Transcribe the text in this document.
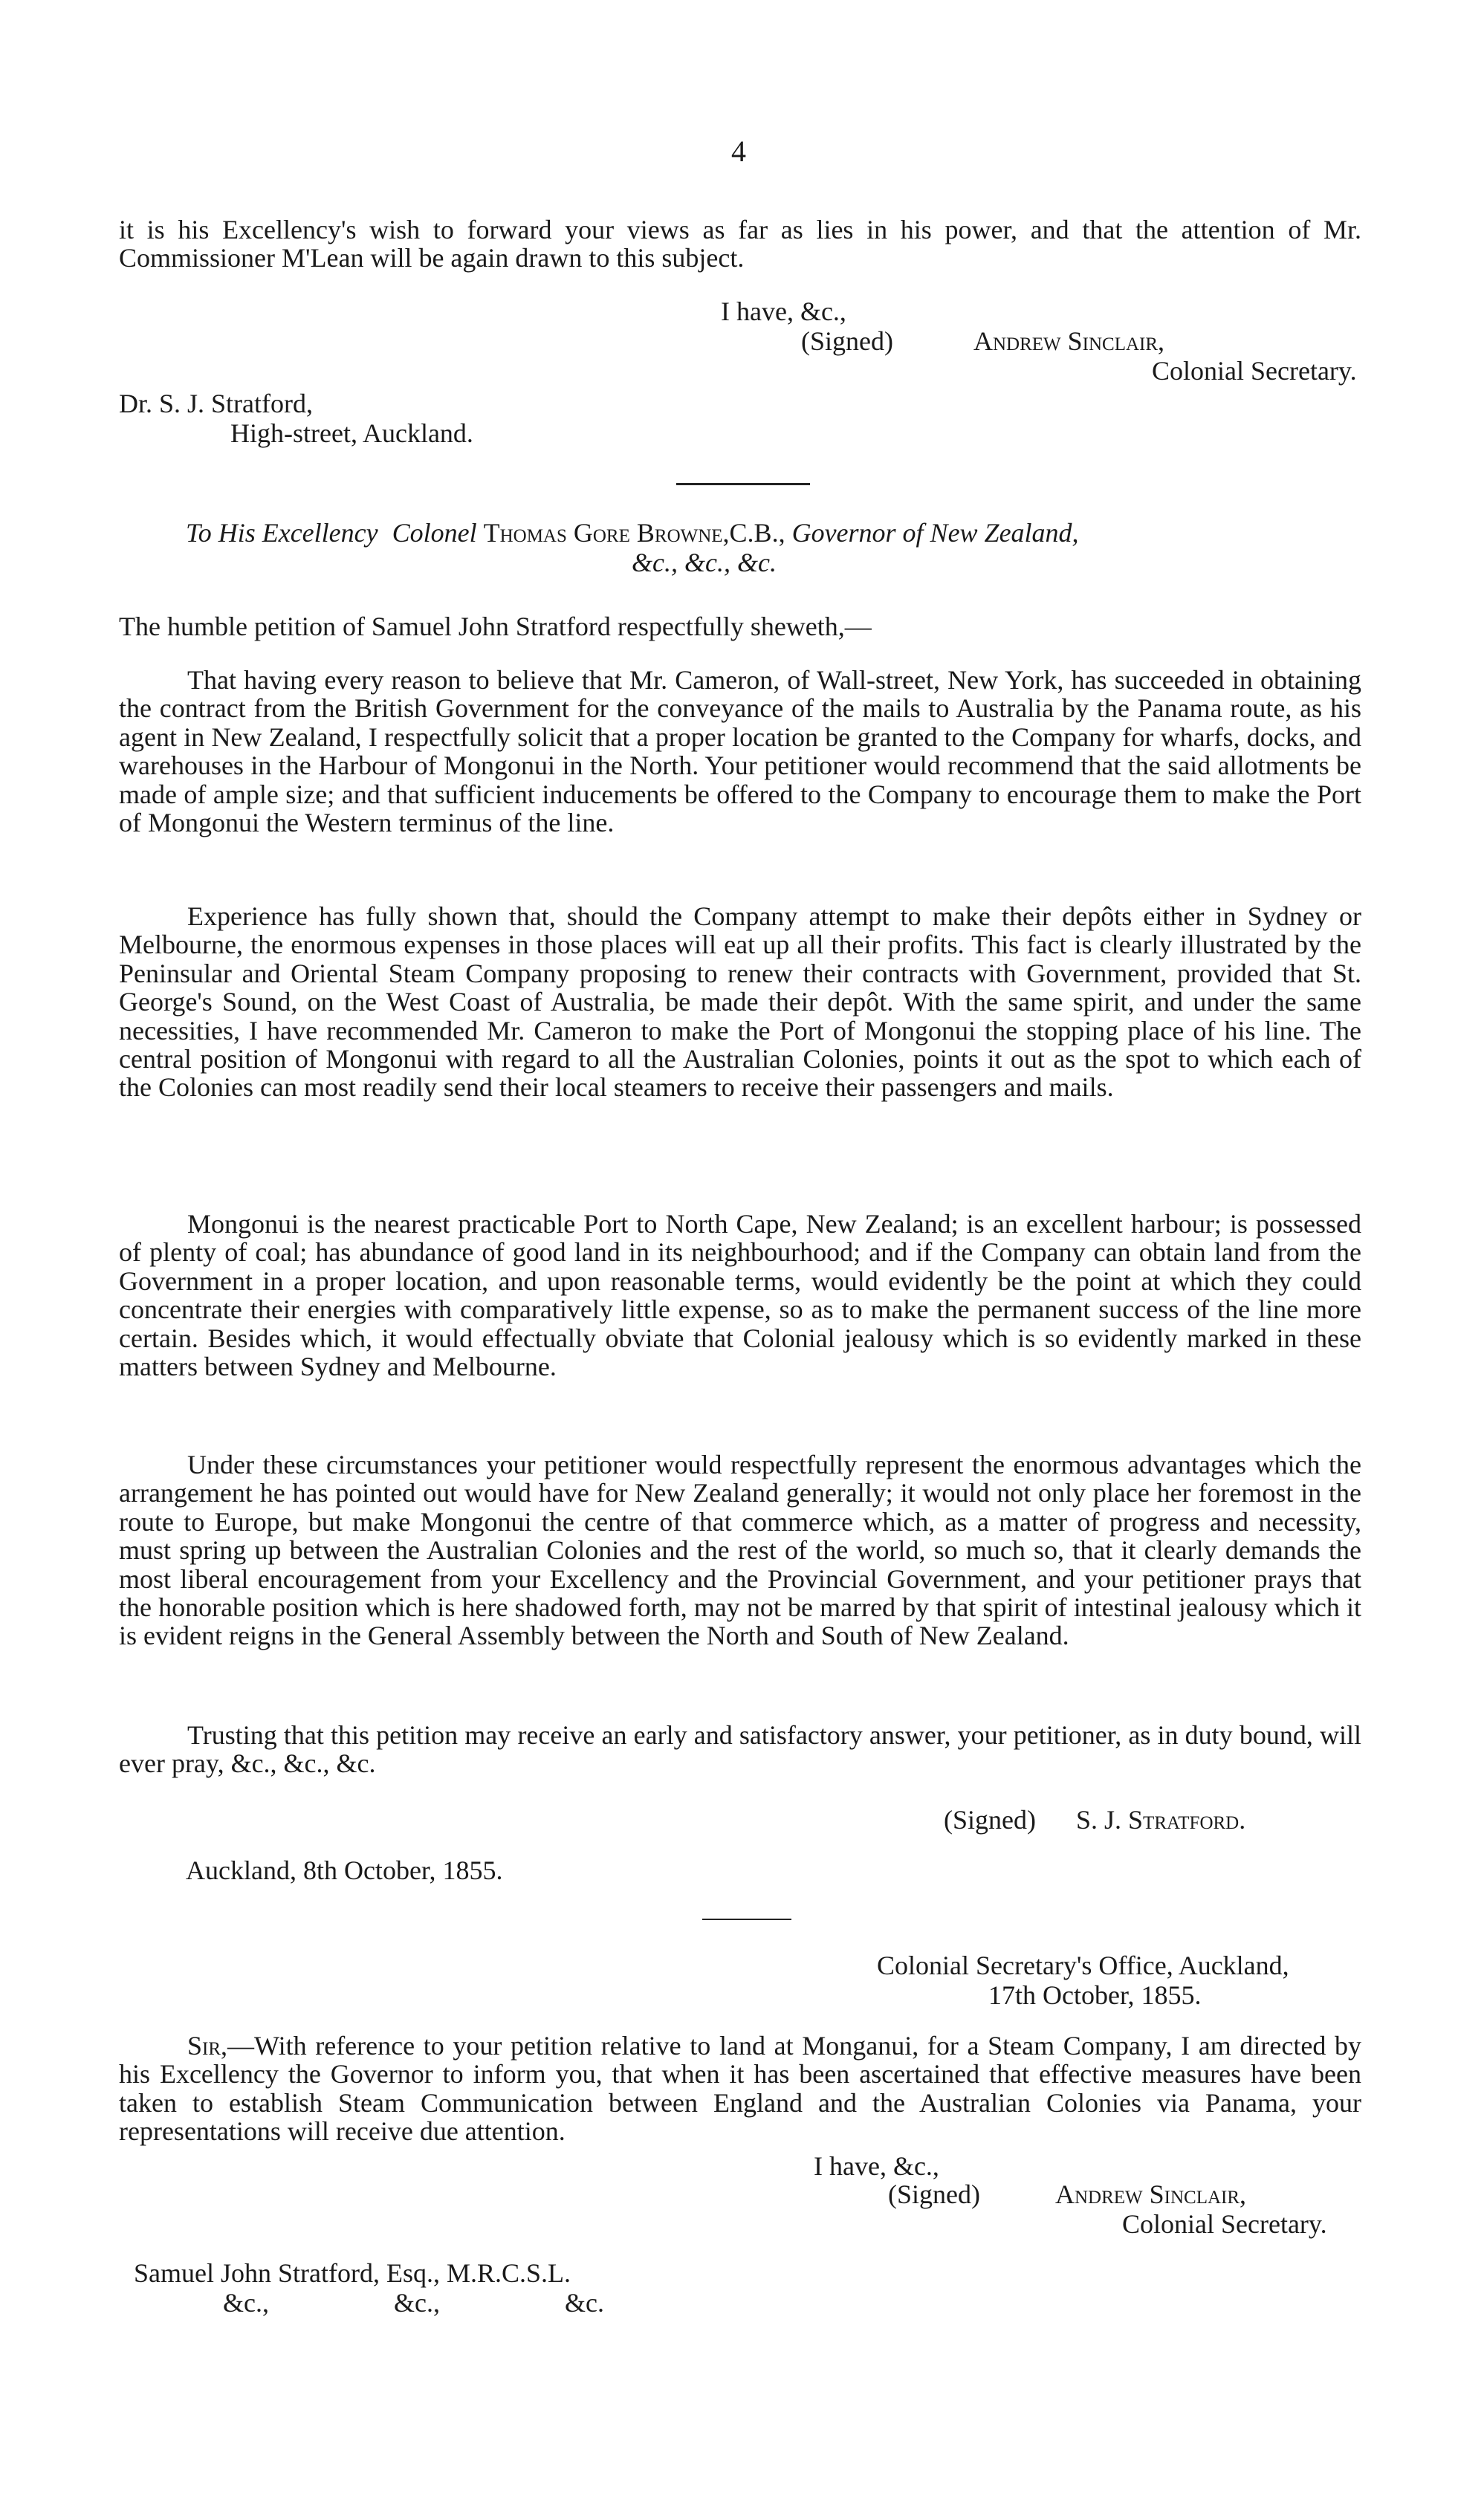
4

it is his Excellency's wish to forward your views as far as lies in his power, and that the attention of Mr. Commissioner M'Lean will be again drawn to this subject.

I have, &c.,
(Signed)	Andrew Sinclair,
Colonial Secretary.
Dr. S. J. Stratford,
High-street, Auckland.
To His Excellency Colonel Thomas Gore Browne,C.B., Governor of New Zealand,
&c., &c., &c.
The humble petition of Samuel John Stratford respectfully sheweth,—

That having every reason to believe that Mr. Cameron, of Wall-street, New York, has succeeded in obtaining the contract from the British Government for the conveyance of the mails to Australia by the Panama route, as his agent in New Zealand, I respectfully solicit that a proper location be granted to the Company for wharfs, docks, and warehouses in the Harbour of Mongonui in the North. Your petitioner would recommend that the said allotments be made of ample size; and that sufficient inducements be offered to the Company to encourage them to make the Port of Mongonui the Western terminus of the line.

Experience has fully shown that, should the Company attempt to make their depôts either in Sydney or Melbourne, the enormous expenses in those places will eat up all their profits. This fact is clearly illustrated by the Peninsular and Oriental Steam Company proposing to renew their contracts with Government, provided that St. George's Sound, on the West Coast of Australia, be made their depôt. With the same spirit, and under the same necessities, I have recommended Mr. Cameron to make the Port of Mongonui the stopping place of his line. The central position of Mongonui with regard to all the Australian Colonies, points it out as the spot to which each of the Colonies can most readily send their local steamers to receive their passengers and mails.

Mongonui is the nearest practicable Port to North Cape, New Zealand; is an excellent harbour; is possessed of plenty of coal; has abundance of good land in its neighbourhood; and if the Company can obtain land from the Government in a proper location, and upon reasonable terms, would evidently be the point at which they could concentrate their energies with comparatively little expense, so as to make the permanent success of the line more certain. Besides which, it would effectually obviate that Colonial jealousy which is so evidently marked in these matters between Sydney and Melbourne.

Under these circumstances your petitioner would respectfully represent the enormous advantages which the arrangement he has pointed out would have for New Zealand generally; it would not only place her foremost in the route to Europe, but make Mongonui the centre of that commerce which, as a matter of progress and necessity, must spring up between the Australian Colonies and the rest of the world, so much so, that it clearly demands the most liberal encouragement from your Excellency and the Provincial Government, and your petitioner prays that the honorable position which is here shadowed forth, may not be marred by that spirit of intestinal jealousy which it is evident reigns in the General Assembly between the North and South of New Zealand.

Trusting that this petition may receive an early and satisfactory answer, your petitioner, as in duty bound, will ever pray, &c., &c., &c.

(Signed) S. J. Stratford.
Auckland, 8th October, 1855.
Colonial Secretary's Office, Auckland,
17th October, 1855.

Sir,—With reference to your petition relative to land at Monganui, for a Steam Company, I am directed by his Excellency the Governor to inform you, that when it has been ascertained that effective measures have been taken to establish Steam Communication between England and the Australian Colonies via Panama, your representations will receive due attention.

I have, &c.,
(Signed)	Andrew Sinclair,
Colonial Secretary.
Samuel John Stratford, Esq., M.R.C.S.L.
&c.,	&c.,	&c.
